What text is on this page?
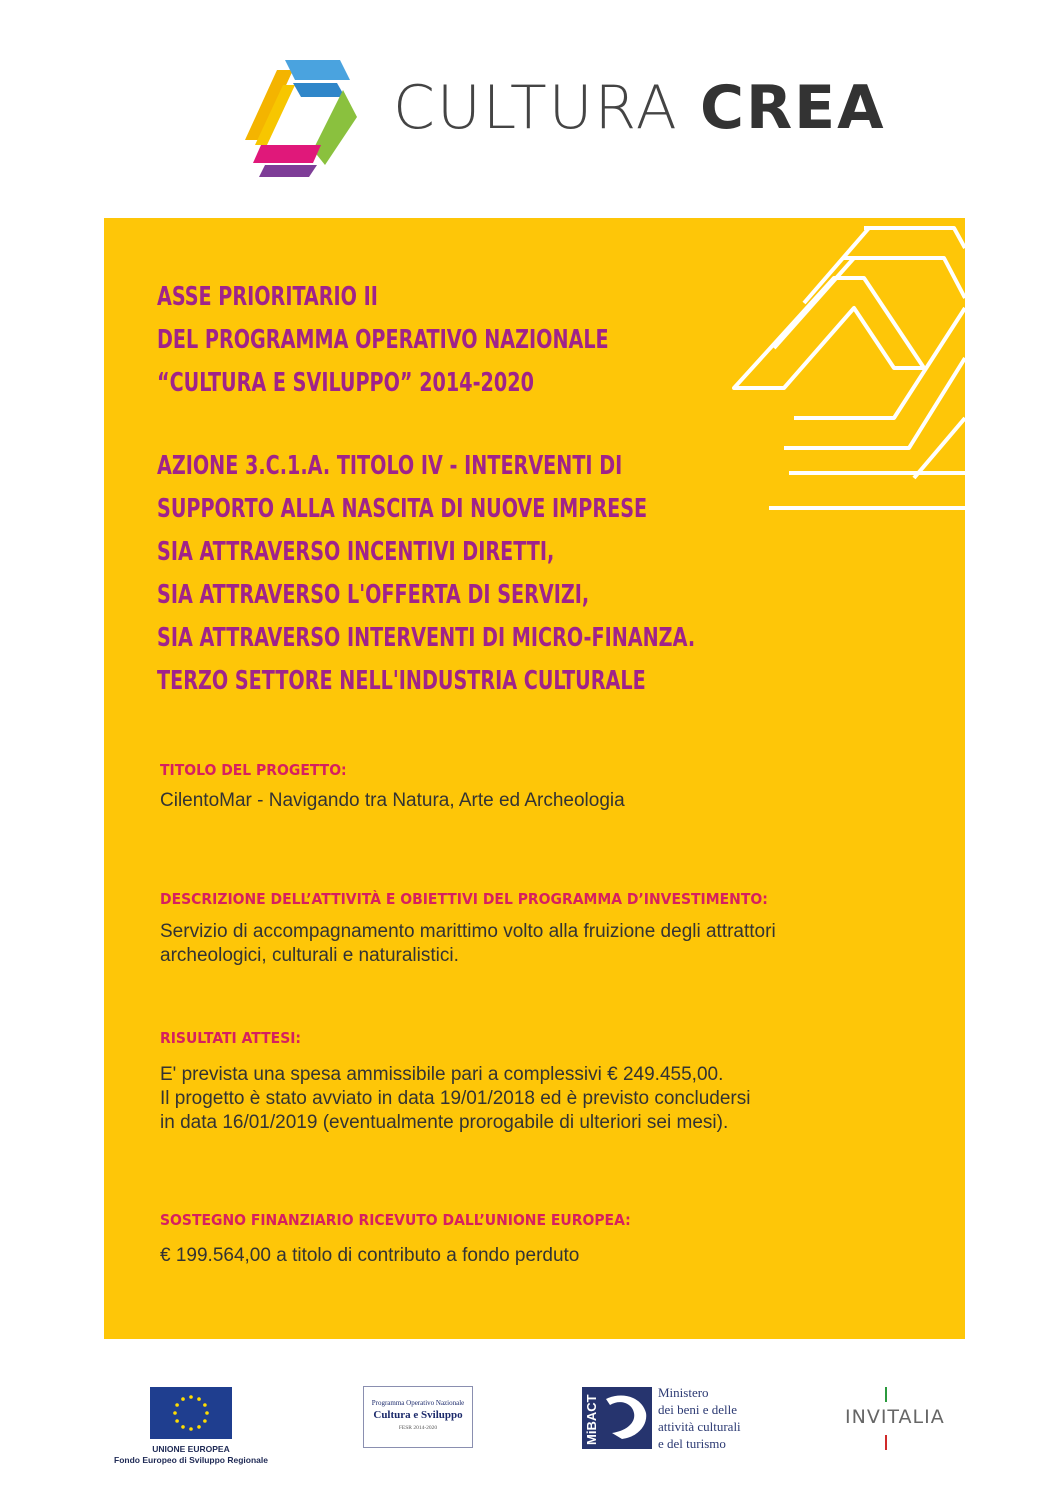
CULTURA CREA
ASSE PRIORITARIO II
DEL PROGRAMMA OPERATIVO NAZIONALE
“CULTURA E SVILUPPO” 2014-2020
AZIONE 3.C.1.A. TITOLO IV - INTERVENTI DI
SUPPORTO ALLA NASCITA DI NUOVE IMPRESE
SIA ATTRAVERSO INCENTIVI DIRETTI,
SIA ATTRAVERSO L'OFFERTA DI SERVIZI,
SIA ATTRAVERSO INTERVENTI DI MICRO-FINANZA.
TERZO SETTORE NELL'INDUSTRIA CULTURALE
TITOLO DEL PROGETTO:
CilentoMar - Navigando tra Natura, Arte ed Archeologia
DESCRIZIONE DELL’ATTIVITÀ E OBIETTIVI DEL PROGRAMMA D’INVESTIMENTO:
Servizio di accompagnamento marittimo volto alla fruizione degli attrattori
archeologici, culturali e naturalistici.
RISULTATI ATTESI:
E' prevista una spesa ammissibile pari a complessivi € 249.455,00.
Il progetto è stato avviato in data 19/01/2018 ed è previsto concludersi
in data 16/01/2019 (eventualmente prorogabile di ulteriori sei mesi).
SOSTEGNO FINANZIARIO RICEVUTO DALL’UNIONE EUROPEA:
€ 199.564,00 a titolo di contributo a fondo perduto
UNIONE EUROPEA
Fondo Europeo di Sviluppo Regionale
Programma Operativo Nazionale
Cultura e Sviluppo
FESR 2014-2020	MiBACT
Ministero
dei beni e delle
attività culturali
e del turismo
INVITALIA
